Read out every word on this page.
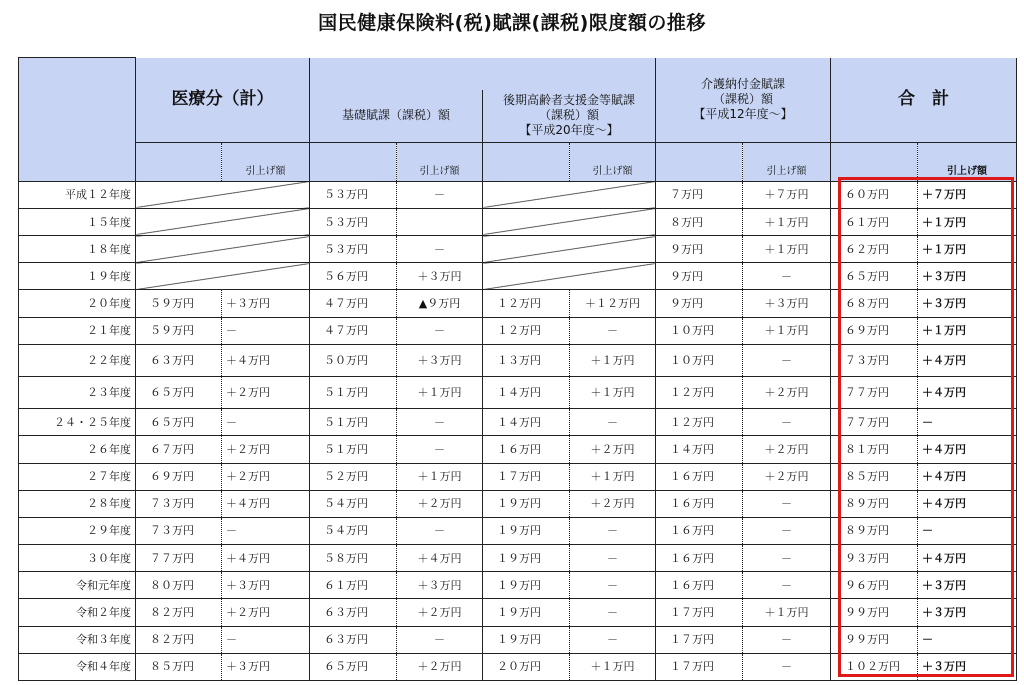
国民健康保険料(税)賦課(課税)限度額の推移
	医療分（計）						介護納付金賦課
（課税）額
【平成12年度～】		合　計	
			基礎賦課（課税）額		後期高齢者支援金等賦課
（課税）額
【平成20年度～】					

		引上げ額		引上げ額		引上げ額		引上げ額		引上げ額
平成１２年度			５３万円	－			７万円	＋７万円	６０万円	＋７万円
１５年度			５３万円				８万円	＋１万円	６１万円	＋１万円
１８年度			５３万円	－			９万円	＋１万円	６２万円	＋１万円
１９年度			５６万円	＋３万円			９万円	－	６５万円	＋３万円
２０年度	５９万円	＋３万円	４７万円	▲９万円	１２万円	＋１２万円	９万円	＋３万円	６８万円	＋３万円
２１年度	５９万円	－	４７万円	－	１２万円	－	１０万円	＋１万円	６９万円	＋１万円
２２年度	６３万円	＋４万円	５０万円	＋３万円	１３万円	＋１万円	１０万円	－	７３万円	＋４万円
２３年度	６５万円	＋２万円	５１万円	＋１万円	１４万円	＋１万円	１２万円	＋２万円	７７万円	＋４万円
２４・２５年度	６５万円	－	５１万円	－	１４万円	－	１２万円	－	７７万円	－
２６年度	６７万円	＋２万円	５１万円	－	１６万円	＋２万円	１４万円	＋２万円	８１万円	＋４万円
２７年度	６９万円	＋２万円	５２万円	＋１万円	１７万円	＋１万円	１６万円	＋２万円	８５万円	＋４万円
２８年度	７３万円	＋４万円	５４万円	＋２万円	１９万円	＋２万円	１６万円	－	８９万円	＋４万円
２９年度	７３万円	－	５４万円	－	１９万円	－	１６万円	－	８９万円	－
３０年度	７７万円	＋４万円	５８万円	＋４万円	１９万円	－	１６万円	－	９３万円	＋４万円
令和元年度	８０万円	＋３万円	６１万円	＋３万円	１９万円	－	１６万円	－	９６万円	＋３万円
令和２年度	８２万円	＋２万円	６３万円	＋２万円	１９万円	－	１７万円	＋１万円	９９万円	＋３万円
令和３年度	８２万円	－	６３万円	－	１９万円	－	１７万円	－	９９万円	－
令和４年度	８５万円	＋３万円	６５万円	＋２万円	２０万円	＋１万円	１７万円	－	１０２万円	＋３万円
